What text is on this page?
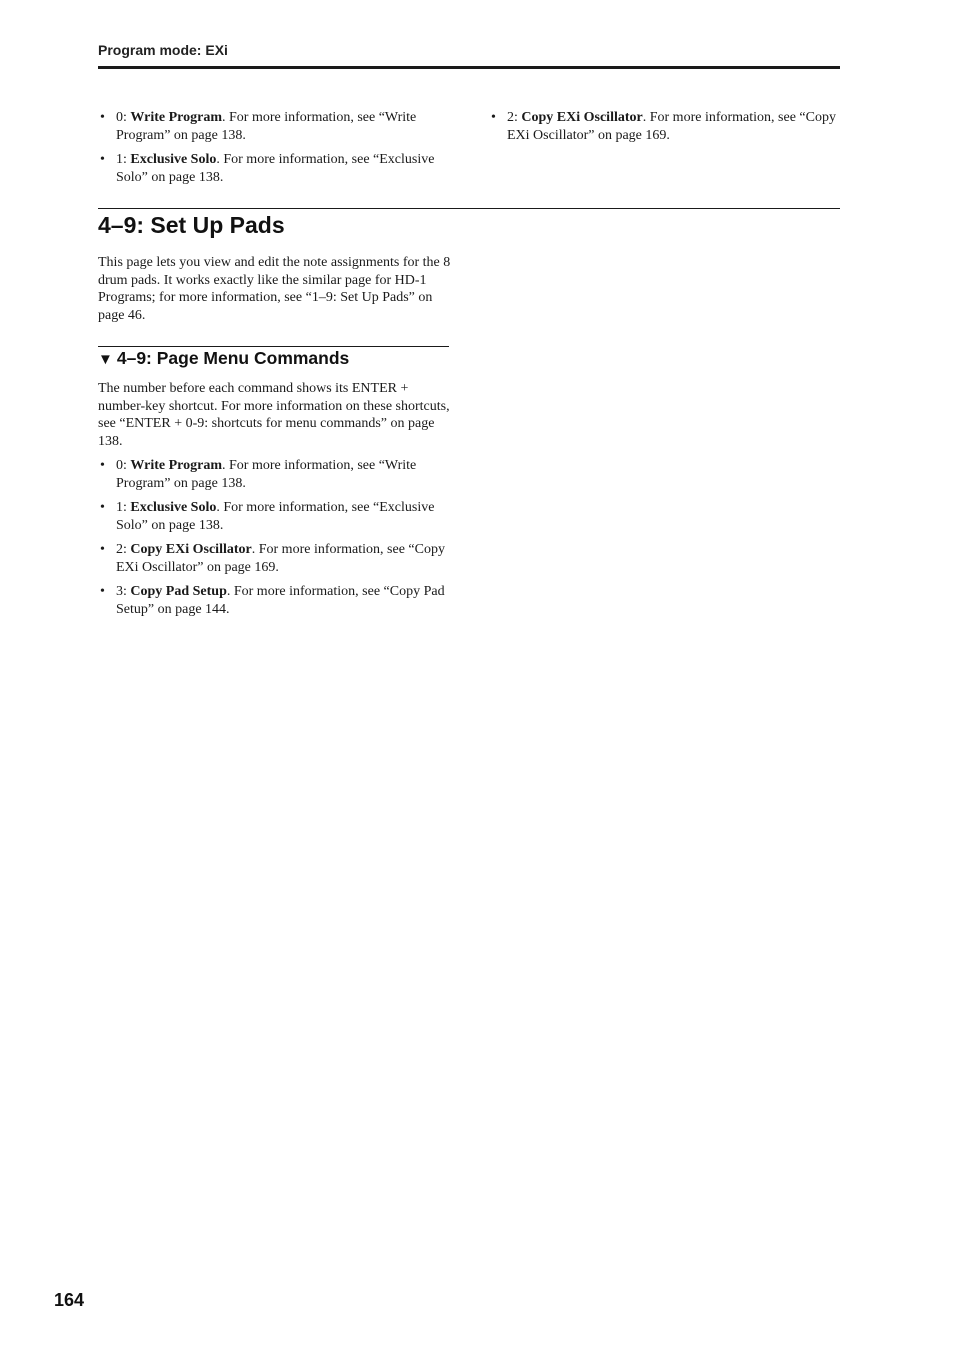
Program mode: EXi
• 0: Write Program. For more information, see “Write Program” on page 138.
• 1: Exclusive Solo. For more information, see “Exclusive Solo” on page 138.
• 2: Copy EXi Oscillator. For more information, see “Copy EXi Oscillator” on page 169.
4–9: Set Up Pads

This page lets you view and edit the note assignments for the 8 drum pads. It works exactly like the similar page for HD-1 Programs; for more information, see “1–9: Set Up Pads” on page 46.

▼ 4–9: Page Menu Commands

The number before each command shows its ENTER + number-key shortcut. For more information on these shortcuts, see “ENTER + 0-9: shortcuts for menu commands” on page 138.

• 0: Write Program. For more information, see “Write Program” on page 138.
• 1: Exclusive Solo. For more information, see “Exclusive Solo” on page 138.
• 2: Copy EXi Oscillator. For more information, see “Copy EXi Oscillator” on page 169.
• 3: Copy Pad Setup. For more information, see “Copy Pad Setup” on page 144.
164
